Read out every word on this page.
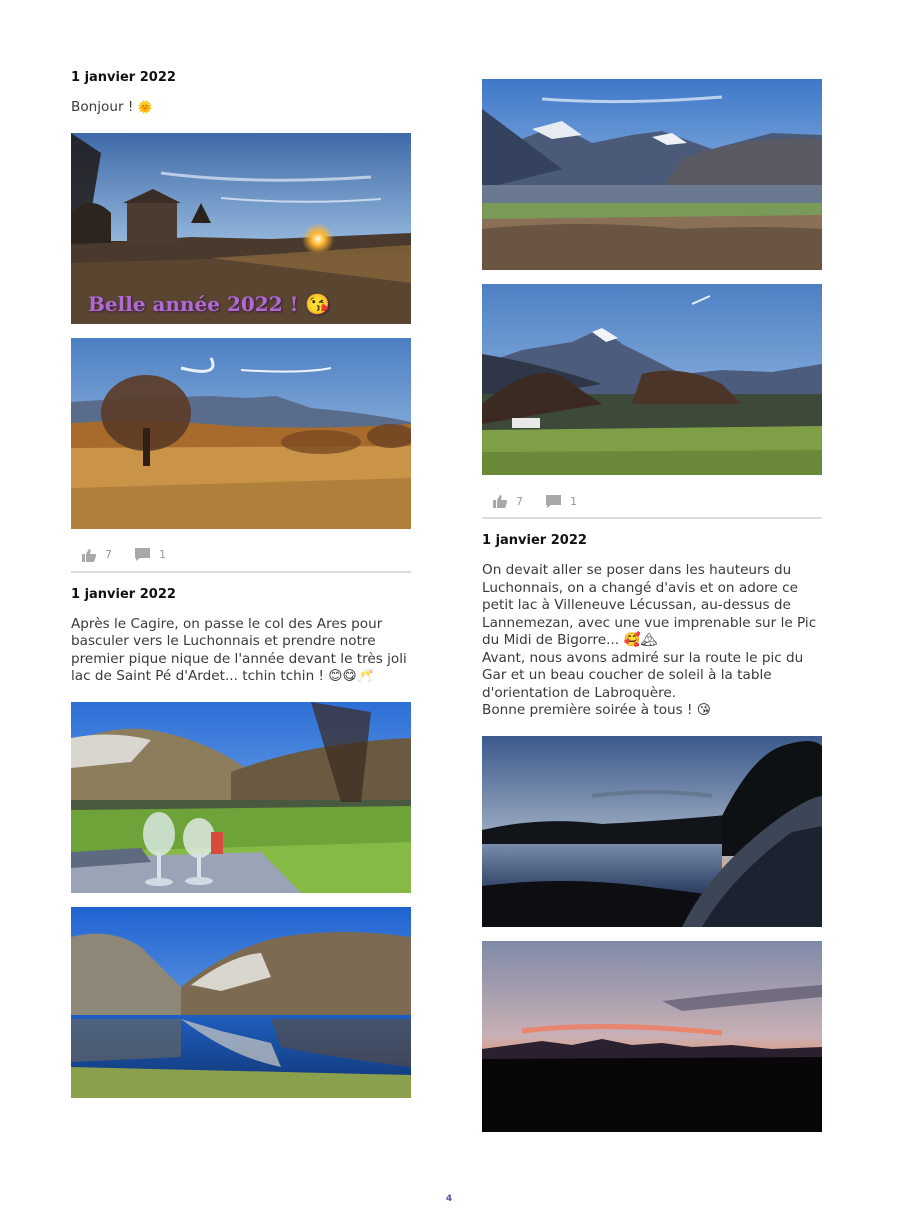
1 janvier 2022
Bonjour ! 🌞
Belle année 2022 ! 😘
7	1
1 janvier 2022
Après le Cagire, on passe le col des Ares pour basculer vers le Luchonnais et prendre notre premier pique nique de l'année devant le très joli lac de Saint Pé d'Ardet... tchin tchin ! 😊😋🥂
7	1
1 janvier 2022
On devait aller se poser dans les hauteurs du Luchonnais, on a changé d'avis et on adore ce petit lac à Villeneuve Lécussan, au-dessus de Lannemezan, avec une vue imprenable sur le Pic du Midi de Bigorre... 🥰🏔
Avant, nous avons admiré sur la route le pic du Gar et un beau coucher de soleil à la table d'orientation de Labroquère.
Bonne première soirée à tous ! 😘
4
